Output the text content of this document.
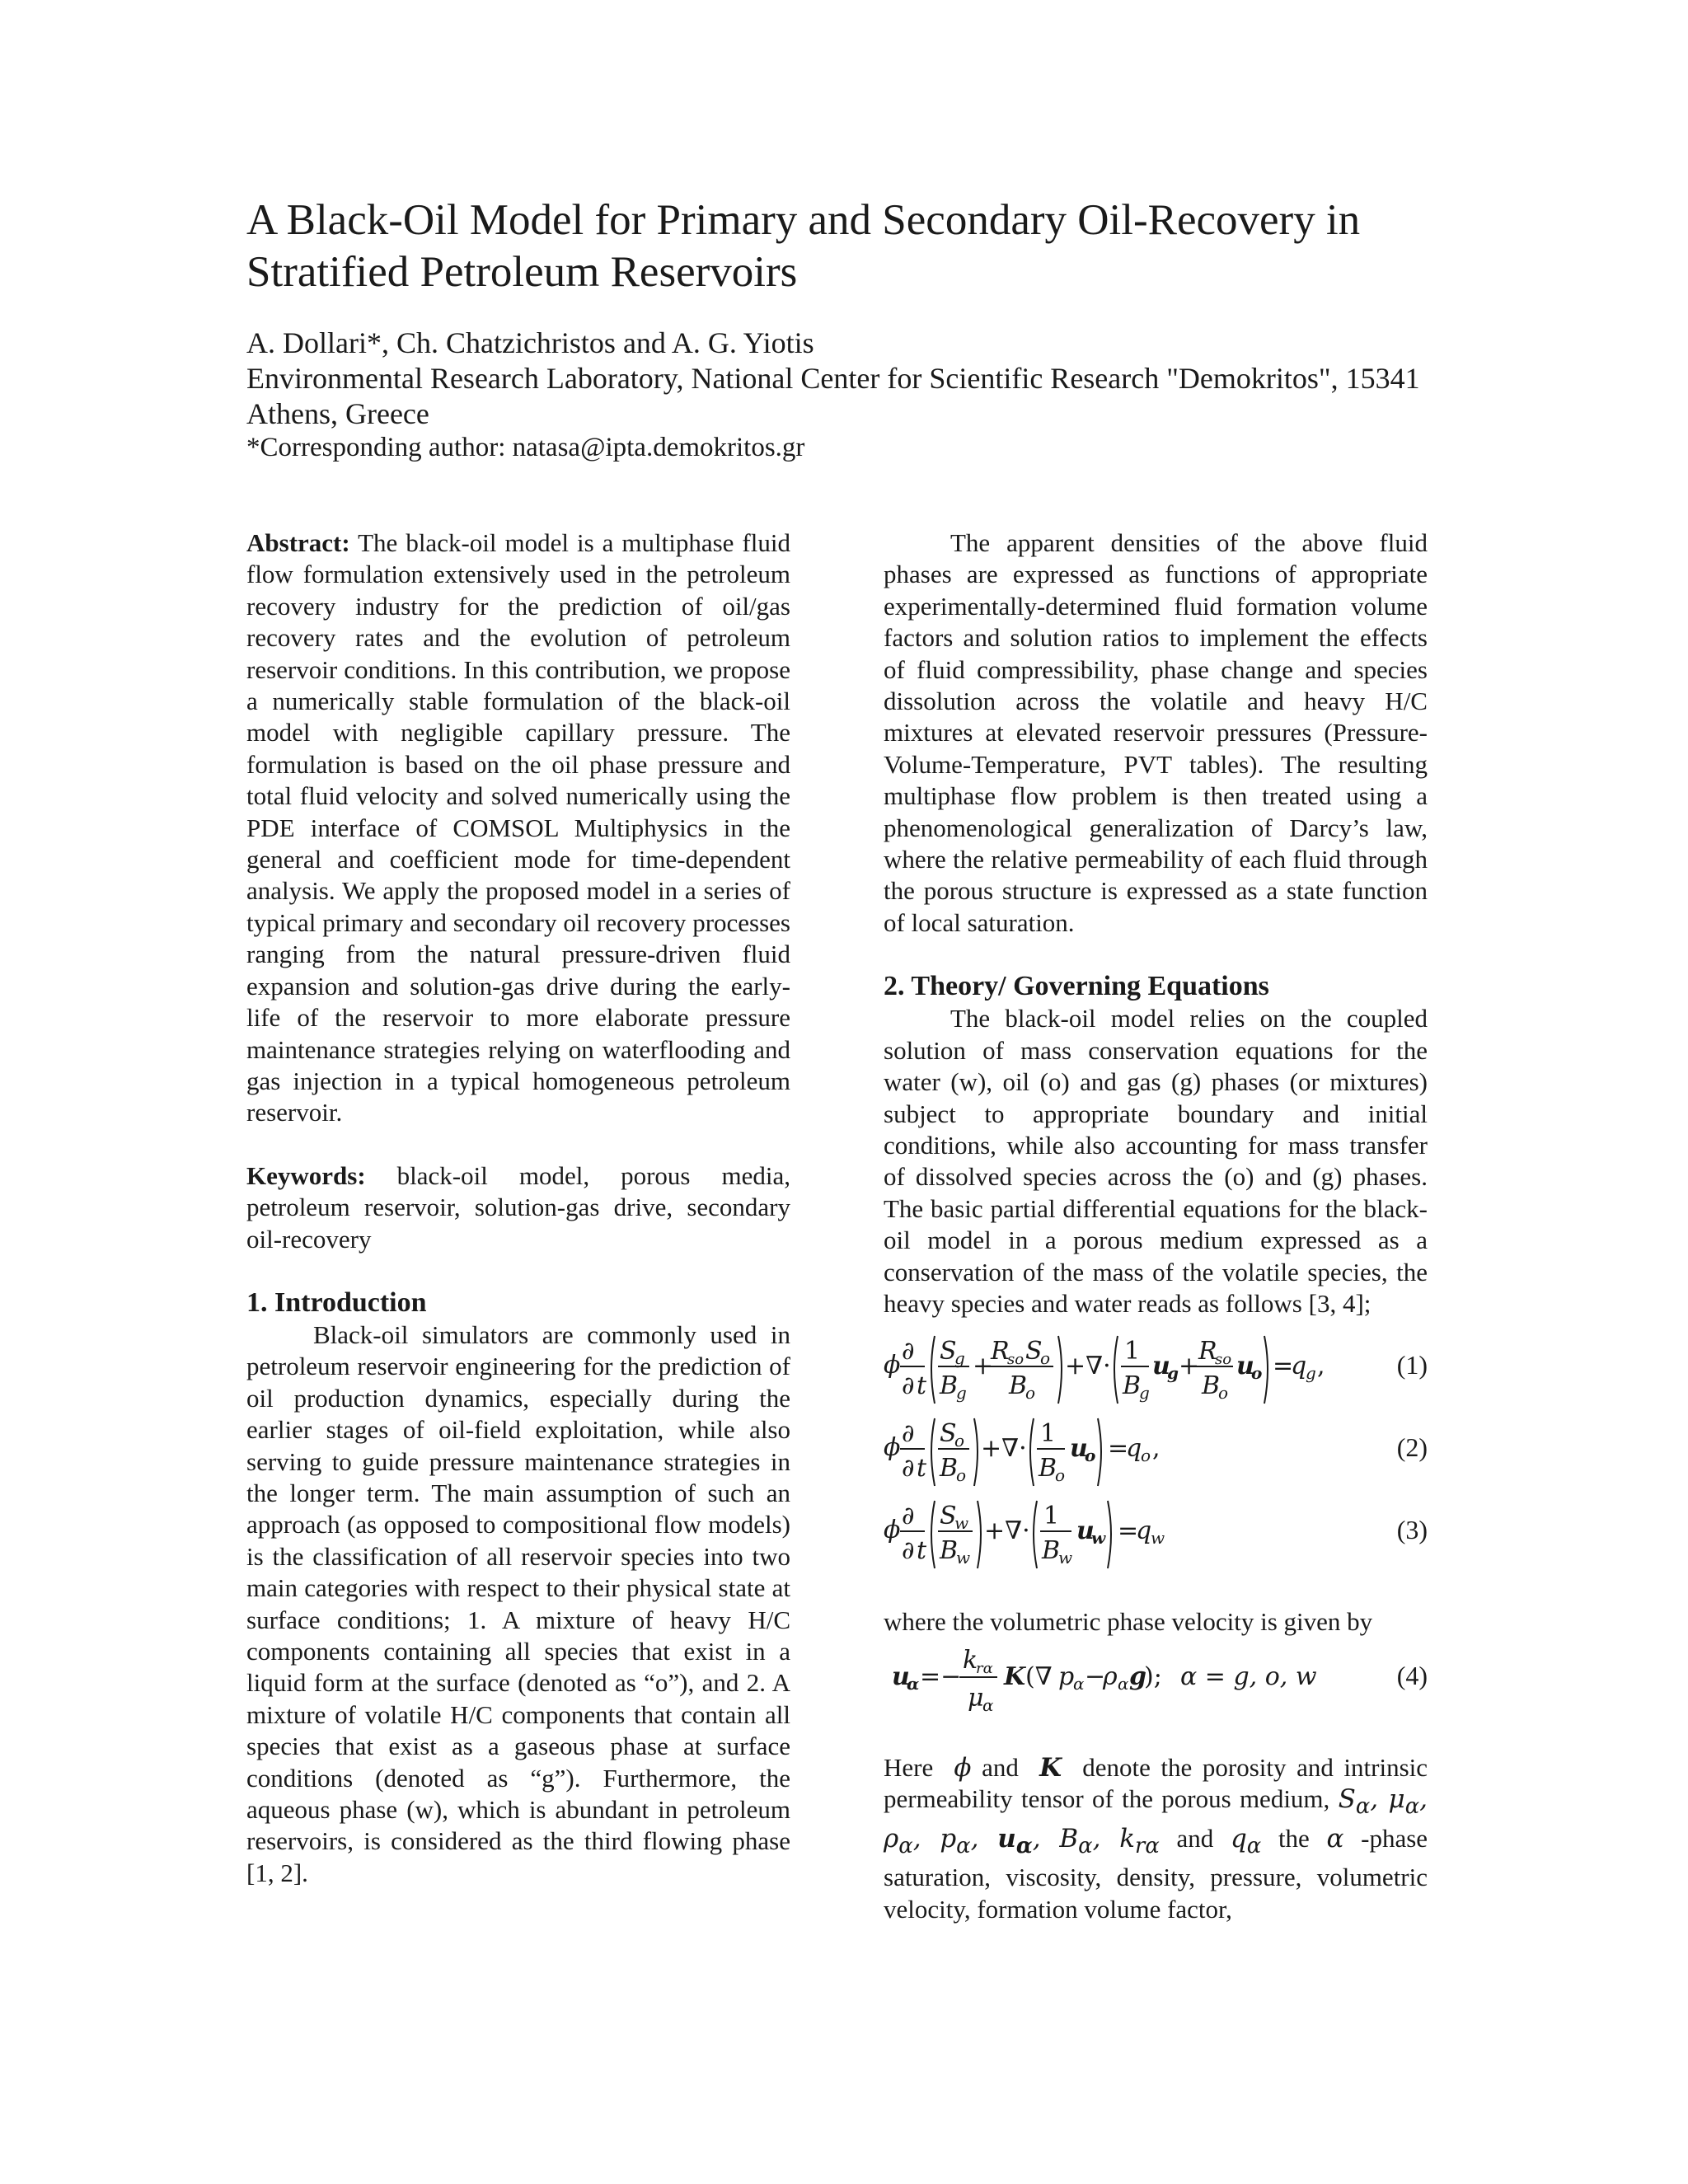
A Black-Oil Model for Primary and Secondary Oil-Recovery in Stratified Petroleum Reservoirs

A. Dollari*, Ch. Chatzichristos and A. G. Yiotis

Environmental Research Laboratory, National Center for Scientific Research "Demokritos", 15341 Athens, Greece

*Corresponding author: natasa@ipta.demokritos.gr

Abstract: The black-oil model is a multiphase fluid flow formulation extensively used in the petroleum recovery industry for the prediction of oil/gas recovery rates and the evolution of petroleum reservoir conditions. In this contribution, we propose a numerically stable formulation of the black-oil model with negligible capillary pressure. The formulation is based on the oil phase pressure and total fluid velocity and solved numerically using the PDE interface of COMSOL Multiphysics in the general and coefficient mode for time-dependent analysis. We apply the proposed model in a series of typical primary and secondary oil recovery processes ranging from the natural pressure-driven fluid expansion and solution-gas drive during the early-life of the reservoir to more elaborate pressure maintenance strategies relying on waterflooding and gas injection in a typical homogeneous petroleum reservoir.

Keywords: black-oil model, porous media, petroleum reservoir, solution-gas drive, secondary oil-recovery

1. Introduction

Black-oil simulators are commonly used in petroleum reservoir engineering for the prediction of oil production dynamics, especially during the earlier stages of oil-field exploitation, while also serving to guide pressure maintenance strategies in the longer term. The main assumption of such an approach (as opposed to compositional flow models) is the classification of all reservoir species into two main categories with respect to their physical state at surface conditions; 1. A mixture of heavy H/C components containing all species that exist in a liquid form at the surface (denoted as “o”), and 2. A mixture of volatile H/C components that contain all species that exist as a gaseous phase at surface conditions (denoted as “g”). Furthermore, the aqueous phase (w), which is abundant in petroleum reservoirs, is considered as the third flowing phase [1, 2].

The apparent densities of the above fluid phases are expressed as functions of appropriate experimentally-determined fluid formation volume factors and solution ratios to implement the effects of fluid compressibility, phase change and species dissolution across the volatile and heavy H/C mixtures at elevated reservoir pressures (Pressure-Volume-Temperature, PVT tables). The resulting multiphase flow problem is then treated using a phenomenological generalization of Darcy’s law, where the relative permeability of each fluid through the porous structure is expressed as a state function of local saturation.

2. Theory/ Governing Equations

The black-oil model relies on the coupled solution of mass conservation equations for the water (w), oil (o) and gas (g) phases (or mixtures) subject to appropriate boundary and initial conditions, while also accounting for mass transfer of dissolved species across the (o) and (g) phases. The basic partial differential equations for the black-oil model in a porous medium expressed as a conservation of the mass of the volatile species, the heavy species and water reads as follows [3, 4];

ϕ ∂
∂ t
S
g
B
g
+
R
so S
o
B
o
+∇·
1
B
g
u
g +
R
so
B
o
u
o =
q
g ,	(1)
ϕ ∂
∂ t
S
o
B
o
+∇·
1
B
o
u
o =
q
o ,	(2)
ϕ ∂
∂ t
S
w
B
w
+∇·
1
B
w
u
w =
q
w	(3)

where the volumetric phase velocity is given by

u
α =−
k
rα
μ
α
K (∇ p
α −
ρ α g
); α = g, o, w	(4)

Here ϕ and K denote the porosity and intrinsic permeability tensor of the porous medium, $S_\alpha$, $\mu_\alpha$, $\rho_\alpha$, $p_\alpha$, $u_\alpha$, $B_\alpha$, $k_{r\alpha}$ and $q_\alpha$ the α -phase saturation, viscosity, density, pressure, volumetric velocity, formation volume factor,
